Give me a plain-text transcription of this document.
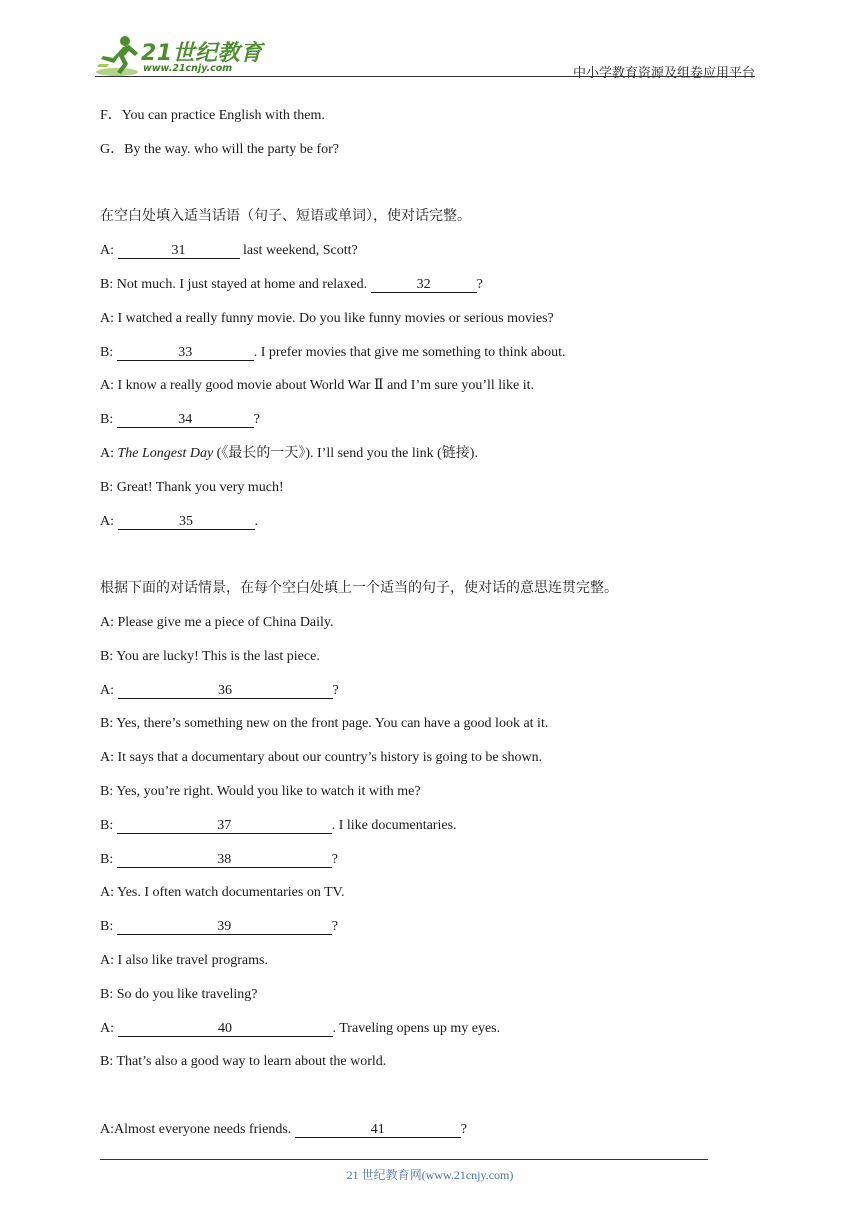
21世纪教育
www.21cnjy.com	中小学教育资源及组卷应用平台
F．You can practice English with them.
G．By the way. who will the party be for?
在空白处填入适当话语（句子、短语或单词），使对话完整。
A:	31	last weekend, Scott?
B: Not much. I just stayed at home and relaxed.	32	?
A: I watched a really funny movie. Do you like funny movies or serious movies?
B:	33	. I prefer movies that give me something to think about.
A: I know a really good movie about World War Ⅱ and I’m sure you’ll like it.
B:	34	?
A: The Longest Day (《最长的一天》). I’ll send you the link (链接).
B: Great! Thank you very much!
A:	35	.
根据下面的对话情景，在每个空白处填上一个适当的句子，使对话的意思连贯完整。
A: Please give me a piece of China Daily.
B: You are lucky! This is the last piece.
A:	36	?
B: Yes, there’s something new on the front page. You can have a good look at it.
A: It says that a documentary about our country’s history is going to be shown.
B: Yes, you’re right. Would you like to watch it with me?
B:	37	. I like documentaries.
B:	38	?
A: Yes. I often watch documentaries on TV.
B:	39	?
A: I also like travel programs.
B: So do you like traveling?
A:	40	. Traveling opens up my eyes.
B: That’s also a good way to learn about the world.
A:Almost everyone needs friends.	41	?
21 世纪教育网(www.21cnjy.com)
